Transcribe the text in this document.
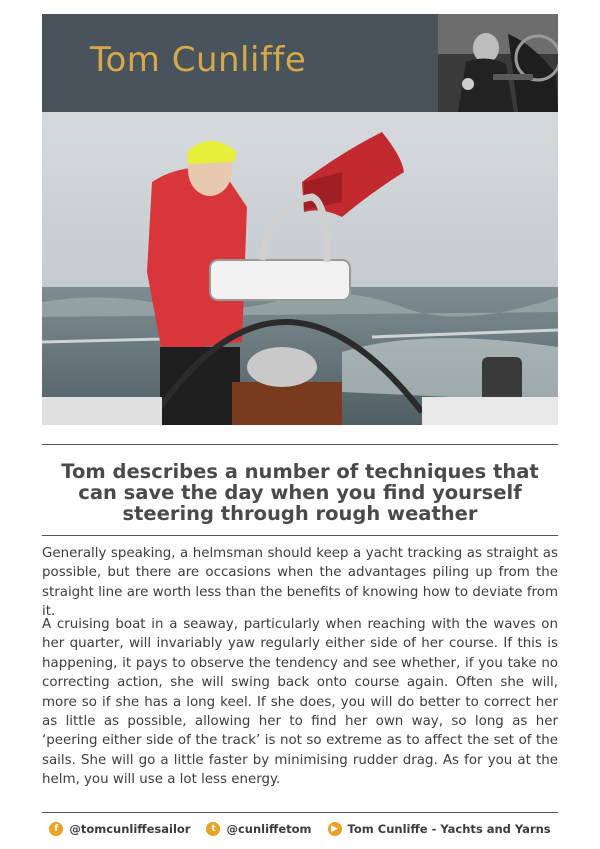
Tom Cunliffe
Tom describes a number of techniques that can save the day when you find yourself steering through rough weather
Generally speaking, a helmsman should keep a yacht tracking as straight as possible, but there are occasions when the advantages piling up from the straight line are worth less than the benefits of knowing how to deviate from it.
A cruising boat in a seaway, particularly when reaching with the waves on her quarter, will invariably yaw regularly either side of her course. If this is happening, it pays to observe the tendency and see whether, if you take no correcting action, she will swing back onto course again. Often she will, more so if she has a long keel. If she does, you will do better to correct her as little as possible, allowing her to find her own way, so long as her ‘peering either side of the track’ is not so extreme as to affect the set of the sails. She will go a little faster by minimising rudder drag. As for you at the helm, you will use a lot less energy.
f @tomcunliffesailor	t @cunliffetom	▶ Tom Cunliffe - Yachts and Yarns
